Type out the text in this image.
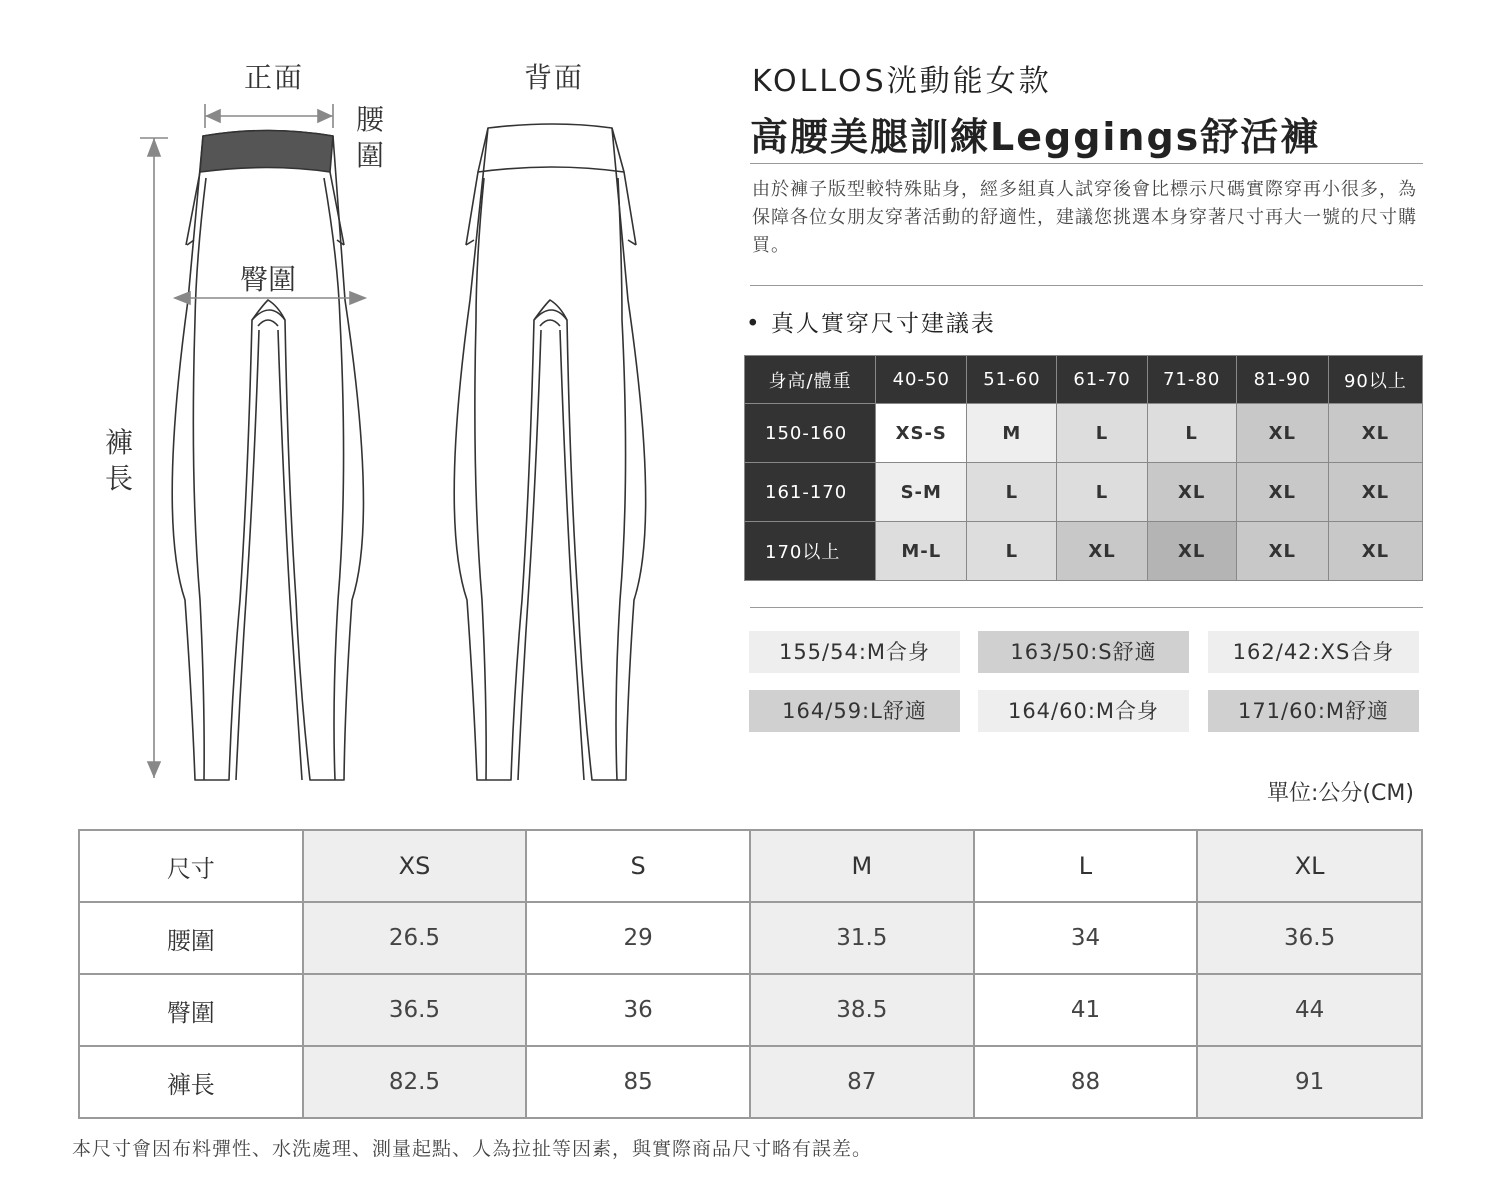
正面	背面
腰
圍
臀圍
褲
長
KOLLOS洸動能女款
高腰美腿訓練Leggings舒活褲
由於褲子版型較特殊貼身，經多組真人試穿後會比標示尺碼實際穿再小很多，為保障各位女朋友穿著活動的舒適性，建議您挑選本身穿著尺寸再大一號的尺寸購買。
• 真人實穿尺寸建議表
身高/體重	40-50	51-60	61-70	71-80	81-90	90以上
150-160	XS-S	M	L	L	XL	XL
161-170	S-M	L	L	XL	XL	XL
170以上	M-L	L	XL	XL	XL	XL
155/54:M合身	163/50:S舒適	162/42:XS合身
164/59:L舒適	164/60:M合身	171/60:M舒適
單位:公分(CM)
尺寸	XS	S	M	L	XL
腰圍	26.5	29	31.5	34	36.5
臀圍	36.5	36	38.5	41	44
褲長	82.5	85	87	88	91
本尺寸會因布料彈性、水洗處理、測量起點、人為拉扯等因素，與實際商品尺寸略有誤差。
